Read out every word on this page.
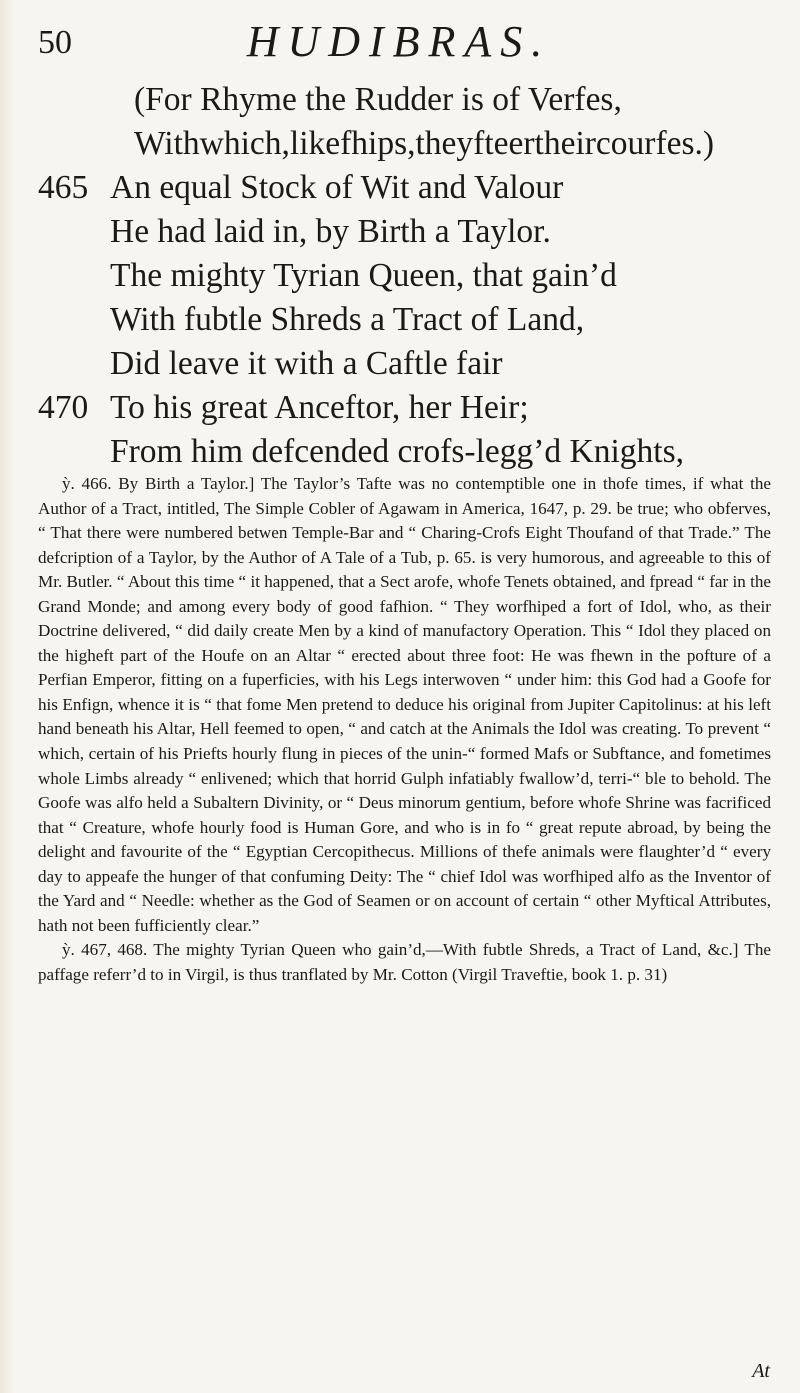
50	HUDIBRAS.
(For Rhyme the Rudder is of Verfes,
Withwhich,likefhips,theyfteertheircourfes.)
465 An equal Stock of Wit and Valour
He had laid in, by Birth a Taylor.
The mighty Tyrian Queen, that gain’d
With fubtle Shreds a Tract of Land,
Did leave it with a Caftle fair
470 To his great Anceftor, her Heir;
From him defcended crofs-legg’d Knights,

ỳ. 466. By Birth a Taylor.] The Taylor’s Tafte was no contemptible one in thofe times, if what the Author of a Tract, intitled, The Simple Cobler of Agawam in America, 1647, p. 29. be true; who obferves, “ That there were numbered betwen Temple-Bar and “ Charing-Crofs Eight Thoufand of that Trade.” The defcription of a Taylor, by the Author of A Tale of a Tub, p. 65. is very humorous, and agreeable to this of Mr. Butler. “ About this time “ it happened, that a Sect arofe, whofe Tenets obtained, and fpread “ far in the Grand Monde; and among every body of good fafhion. “ They worfhiped a fort of Idol, who, as their Doctrine delivered, “ did daily create Men by a kind of manufactory Operation. This “ Idol they placed on the higheft part of the Houfe on an Altar “ erected about three foot: He was fhewn in the pofture of a Perfian Emperor, fitting on a fuperficies, with his Legs interwoven “ under him: this God had a Goofe for his Enfign, whence it is “ that fome Men pretend to deduce his original from Jupiter Capitolinus: at his left hand beneath his Altar, Hell feemed to open, “ and catch at the Animals the Idol was creating. To prevent “ which, certain of his Priefts hourly flung in pieces of the unin-“ formed Mafs or Subftance, and fometimes whole Limbs already “ enlivened; which that horrid Gulph infatiably fwallow’d, terri-“ ble to behold. The Goofe was alfo held a Subaltern Divinity, or “ Deus minorum gentium, before whofe Shrine was facrificed that “ Creature, whofe hourly food is Human Gore, and who is in fo “ great repute abroad, by being the delight and favourite of the “ Egyptian Cercopithecus. Millions of thefe animals were flaughter’d “ every day to appeafe the hunger of that confuming Deity: The “ chief Idol was worfhiped alfo as the Inventor of the Yard and “ Needle: whether as the God of Seamen or on account of certain “ other Myftical Attributes, hath not been fufficiently clear.”

ỳ. 467, 468. The mighty Tyrian Queen who gain’d,—With fubtle Shreds, a Tract of Land, &c.] The paffage referr’d to in Virgil, is thus tranflated by Mr. Cotton (Virgil Traveftie, book 1. p. 31)

At
